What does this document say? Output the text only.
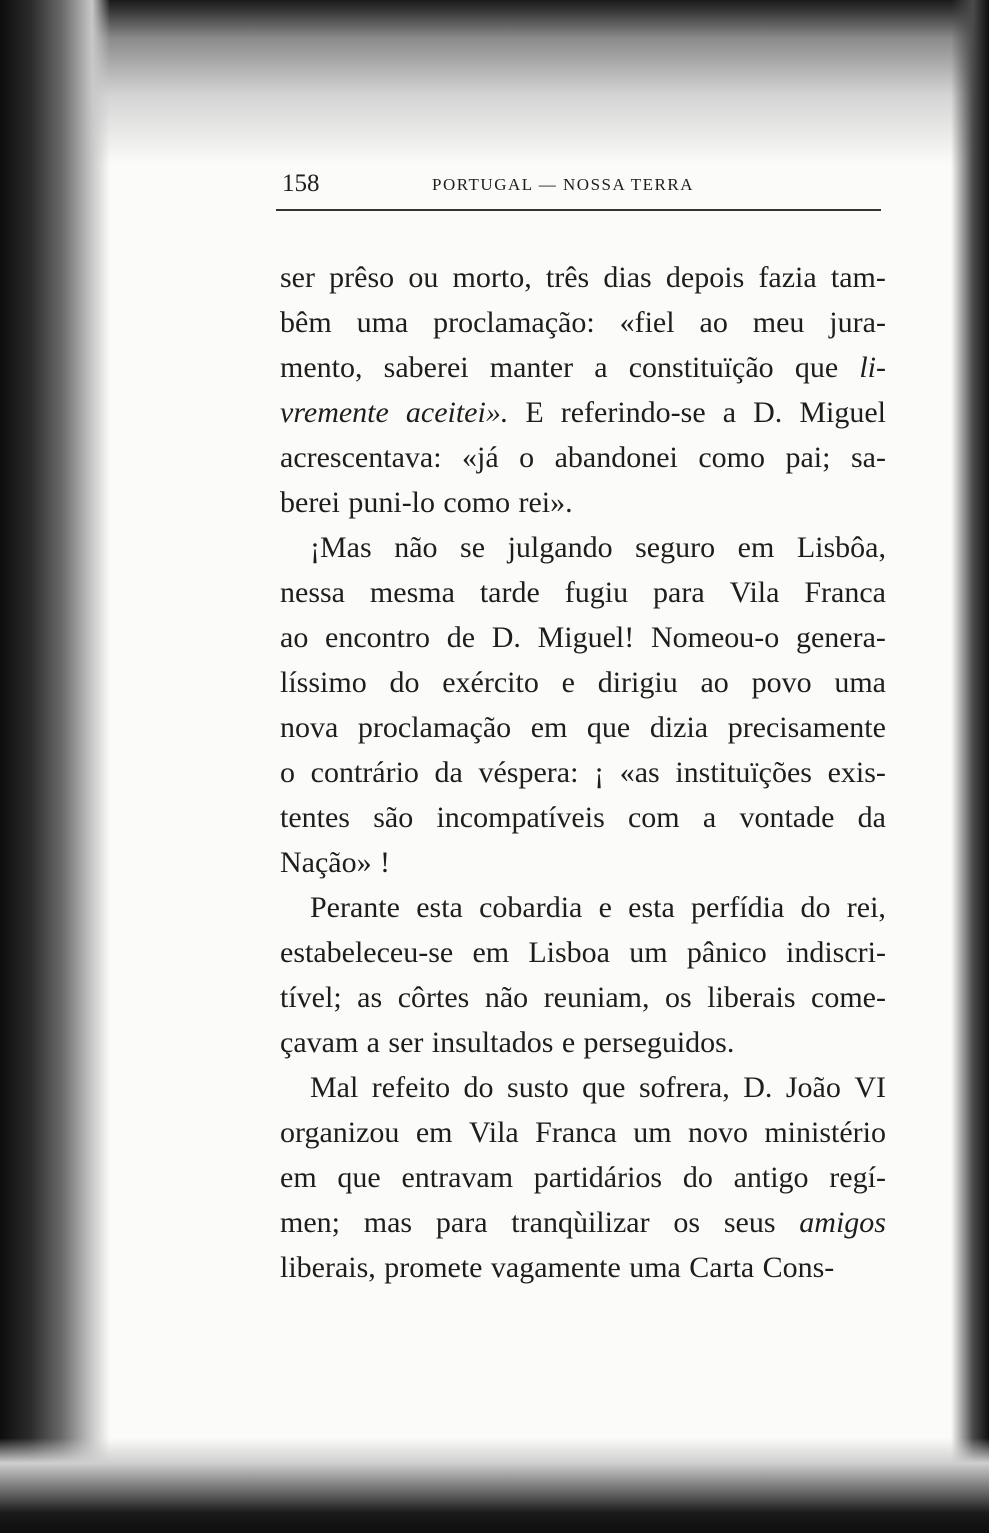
158	PORTUGAL — NOSSA TERRA
ser prêso ou morto, três dias depois fazia tam-
bêm uma proclamação: «fiel ao meu jura-
mento, saberei manter a constituïção que li-
vremente aceitei». E referindo-se a D. Miguel
acrescentava: «já o abandonei como pai; sa-
berei puni-lo como rei».
¡Mas não se julgando seguro em Lisbôa,
nessa mesma tarde fugiu para Vila Franca
ao encontro de D. Miguel! Nomeou-o genera-
líssimo do exército e dirigiu ao povo uma
nova proclamação em que dizia precisamente
o contrário da véspera: ¡ «as instituïções exis-
tentes são incompatíveis com a vontade da
Nação» !
Perante esta cobardia e esta perfídia do rei,
estabeleceu-se em Lisboa um pânico indiscri-
tível; as côrtes não reuniam, os liberais come-
çavam a ser insultados e perseguidos.
Mal refeito do susto que sofrera, D. João VI
organizou em Vila Franca um novo ministério
em que entravam partidários do antigo regí-
men; mas para tranqùilizar os seus amigos
liberais, promete vagamente uma Carta Cons-
